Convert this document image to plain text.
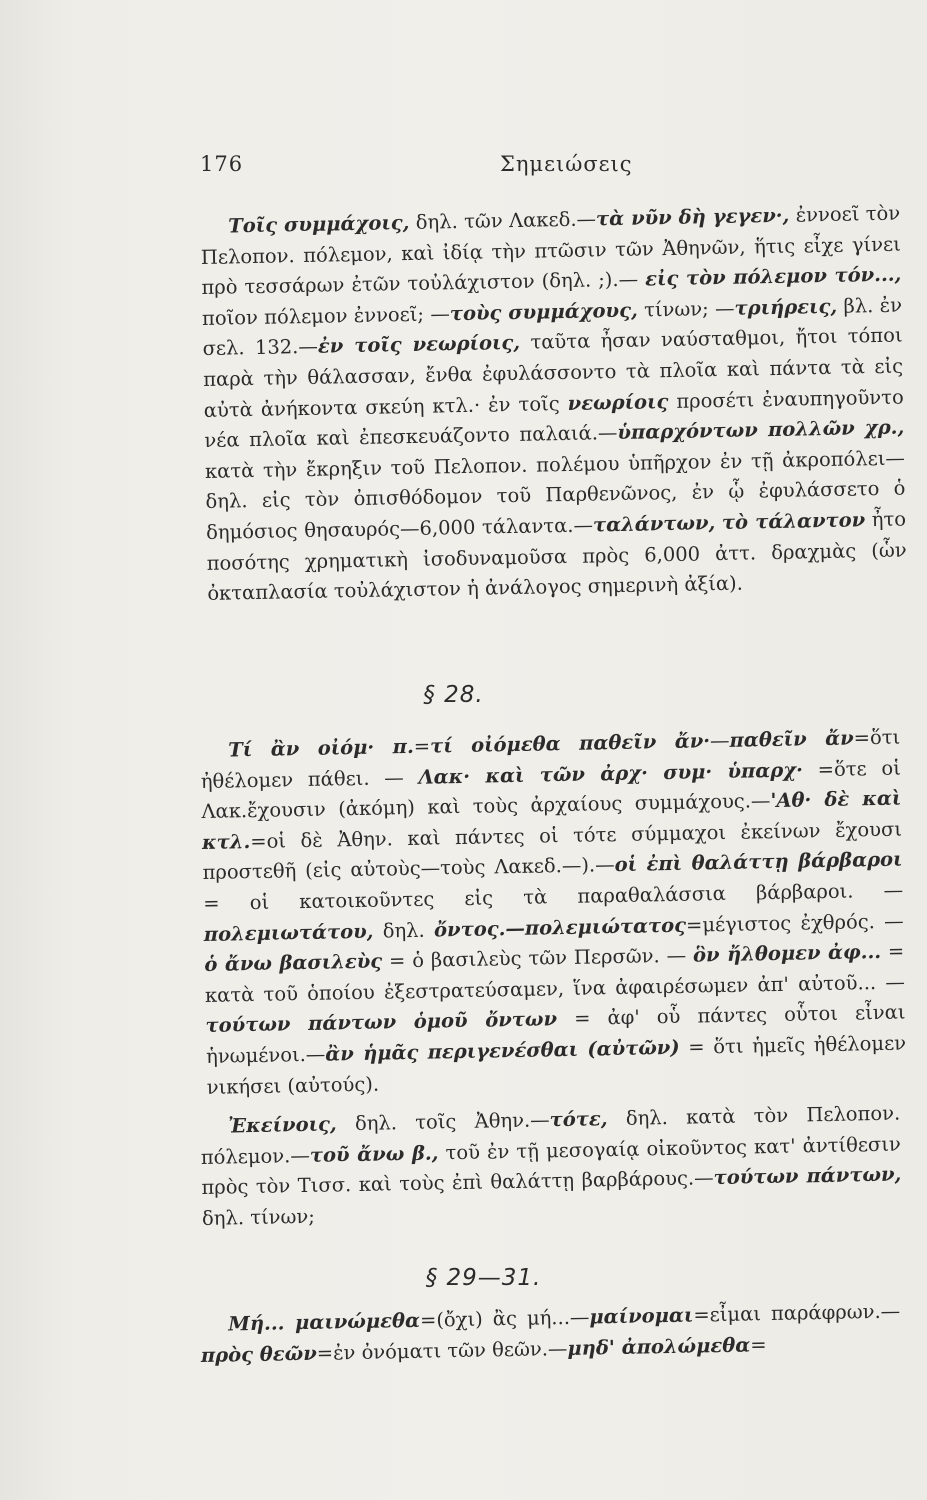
176	Σημειώσεις

Τοῖς συμμάχοις, δηλ. τῶν Λακεδ.—τὰ νῦν δὴ γεγεν·, ἐννοεῖ τὸν Πελοπον. πόλεμον, καὶ ἰδίᾳ τὴν πτῶσιν τῶν Ἀθηνῶν, ἥτις εἶχε γίνει πρὸ τεσσάρων ἐτῶν τοὐλάχιστον (δηλ. ;).— εἰς τὸν πόλεμον τόν..., ποῖον πόλεμον ἐννοεῖ; —τοὺς συμμάχους, τίνων; —τριήρεις, βλ. ἐν σελ. 132.—ἐν τοῖς νεωρίοις, ταῦτα ἦσαν ναύσταθμοι, ἤτοι τόποι παρὰ τὴν θάλασσαν, ἔνθα ἐφυλάσσοντο τὰ πλοῖα καὶ πάντα τὰ εἰς αὐτὰ ἀνήκοντα σκεύη κτλ.· ἐν τοῖς νεωρίοις προσέτι ἐναυπηγοῦντο νέα πλοῖα καὶ ἐπεσκευάζοντο παλαιά.—ὑπαρχόντων πολλῶν χρ., κατὰ τὴν ἔκρηξιν τοῦ Πελοπον. πολέμου ὑπῆρχον ἐν τῇ ἀκροπόλει—δηλ. εἰς τὸν ὀπισθόδομον τοῦ Παρθενῶνος, ἐν ᾧ ἐφυλάσσετο ὁ δημόσιος θησαυρός—6,000 τάλαντα.—ταλάντων, τὸ τάλαντον ἦτο ποσότης χρηματικὴ ἰσοδυναμοῦσα πρὸς 6,000 ἀττ. δραχμὰς (ὧν ὀκταπλασία τοὐλάχιστον ἡ ἀνάλογος σημερινὴ ἀξία).

§ 28.

Τί ἂν οἰόμ· π.=τί οἰόμεθα παθεῖν ἄν·—παθεῖν ἄν=ὅτι ἠθέλομεν πάθει. — Λακ· καὶ τῶν ἀρχ· συμ· ὑπαρχ· =ὅτε οἱ Λακ.ἔχουσιν (ἀκόμη) καὶ τοὺς ἀρχαίους συμμάχους.—'Αθ· δὲ καὶ κτλ.=οἱ δὲ Ἀθην. καὶ πάντες οἱ τότε σύμμαχοι ἐκείνων ἔχουσι προστεθῆ (εἰς αὐτοὺς—τοὺς Λακεδ.—).—οἱ ἐπὶ θαλάττῃ βάρβαροι = οἱ κατοικοῦντες εἰς τὰ παραθαλάσσια βάρβαροι. — πολεμιωτάτου, δηλ. ὄντος.—πολεμιώτατος=μέγιστος ἐχθρός. — ὁ ἄνω βασιλεὺς = ὁ βασιλεὺς τῶν Περσῶν. — ὃν ἤλθομεν ἀφ... = κατὰ τοῦ ὁποίου ἐξεστρατεύσαμεν, ἵνα ἀφαιρέσωμεν ἀπ' αὐτοῦ... — τούτων πάντων ὁμοῦ ὄντων = ἀφ' οὗ πάντες οὗτοι εἶναι ἡνωμένοι.—ἂν ἡμᾶς περιγενέσθαι (αὐτῶν) = ὅτι ἡμεῖς ἠθέλομεν νικήσει (αὐτούς).

Ἐκείνοις, δηλ. τοῖς Ἀθην.—τότε, δηλ. κατὰ τὸν Πελοπον. πόλεμον.—τοῦ ἄνω β., τοῦ ἐν τῇ μεσογαίᾳ οἰκοῦντος κατ' ἀντίθεσιν πρὸς τὸν Τισσ. καὶ τοὺς ἐπὶ θαλάττῃ βαρβάρους.—τούτων πάντων, δηλ. τίνων;

§ 29—31.

Μή... μαινώμεθα=(ὄχι) ἂς μή...—μαίνομαι=εἶμαι παράφρων.—πρὸς θεῶν=ἐν ὀνόματι τῶν θεῶν.—μηδ' ἀπολώμεθα=
